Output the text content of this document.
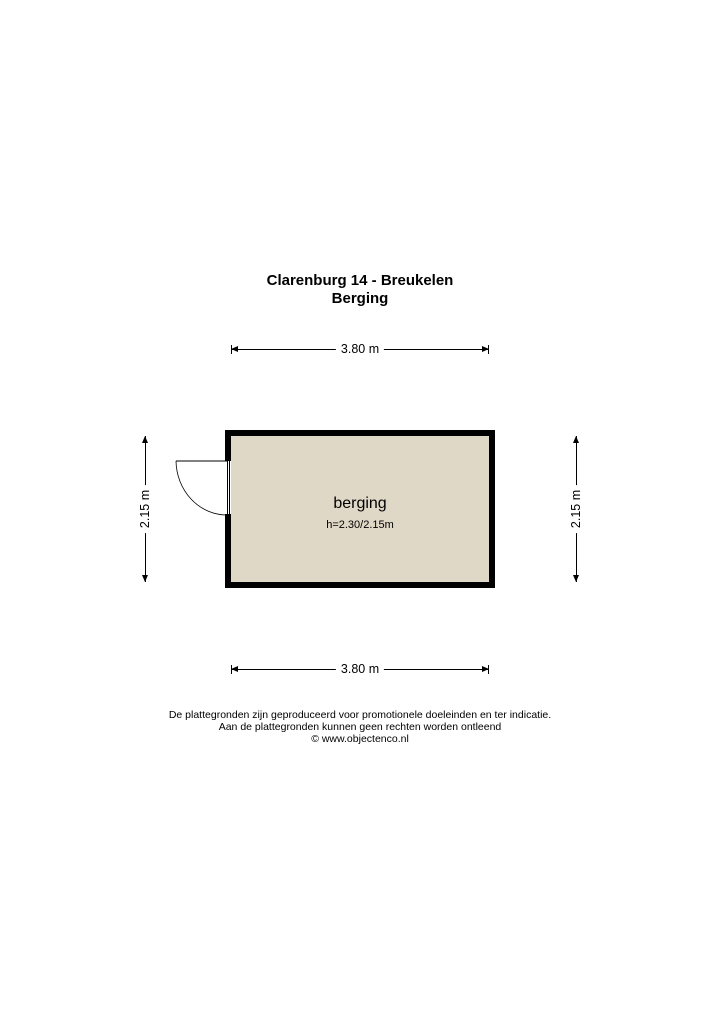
Clarenburg 14 - Breukelen
Berging
3.80 m
2.15 m	2.15 m
berging
h=2.30/2.15m
3.80 m
De plattegronden zijn geproduceerd voor promotionele doeleinden en ter indicatie.
Aan de plattegronden kunnen geen rechten worden ontleend
© www.objectenco.nl
